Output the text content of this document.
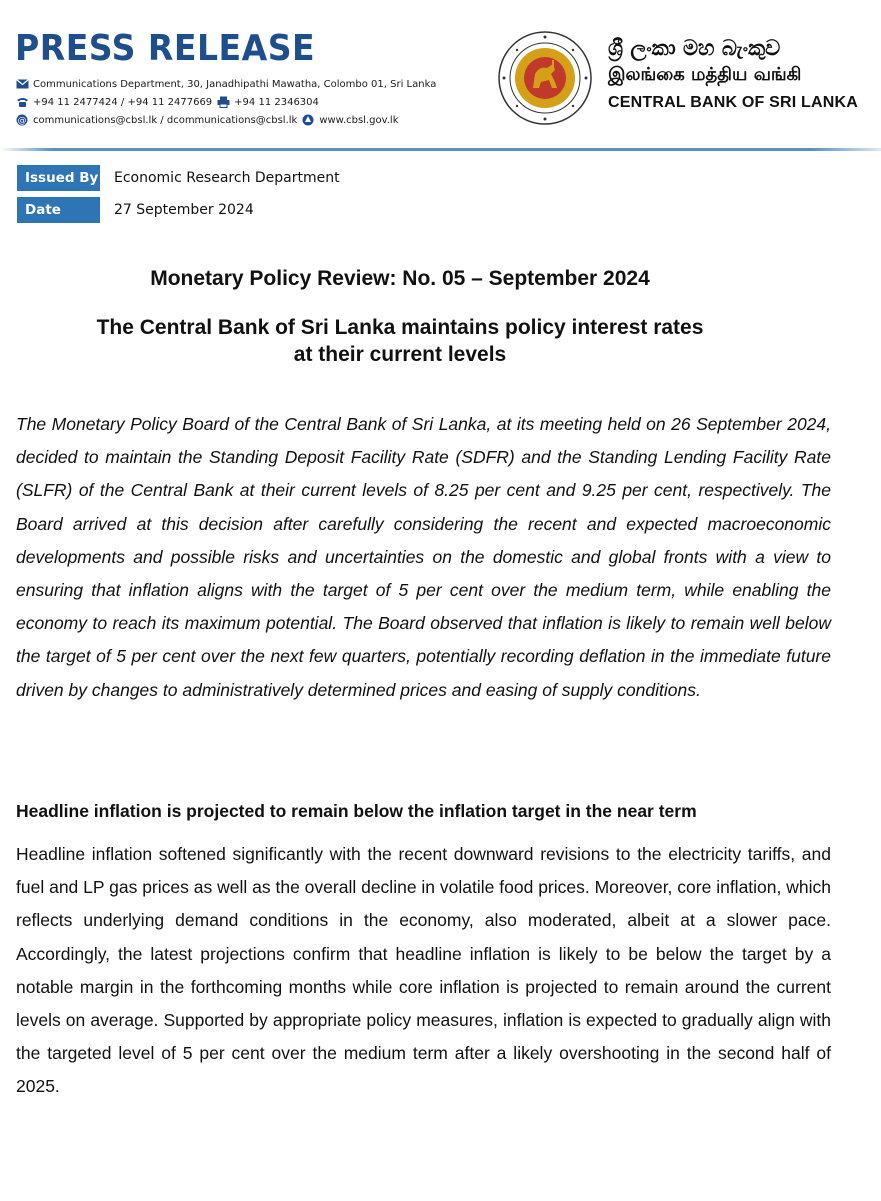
PRESS RELEASE
Communications Department, 30, Janadhipathi Mawatha, Colombo 01, Sri Lanka
+94 11 2477424 / +94 11 2477669 +94 11 2346304
@ communications@cbsl.lk / dcommunications@cbsl.lk www.cbsl.gov.lk
ශ්‍රී ලංකා මහ බැංකුව
இலங்கை மத்திய வங்கி
CENTRAL BANK OF SRI LANKA
Issued By Economic Research Department
Date	27 September 2024
Monetary Policy Review: No. 05 – September 2024
The Central Bank of Sri Lanka maintains policy interest rates
at their current levels
The Monetary Policy Board of the Central Bank of Sri Lanka, at its meeting held on 26 September 2024, decided to maintain the Standing Deposit Facility Rate (SDFR) and the Standing Lending Facility Rate (SLFR) of the Central Bank at their current levels of 8.25 per cent and 9.25 per cent, respectively. The Board arrived at this decision after carefully considering the recent and expected macroeconomic developments and possible risks and uncertainties on the domestic and global fronts with a view to ensuring that inflation aligns with the target of 5 per cent over the medium term, while enabling the economy to reach its maximum potential. The Board observed that inflation is likely to remain well below the target of 5 per cent over the next few quarters, potentially recording deflation in the immediate future driven by changes to administratively determined prices and easing of supply conditions.
Headline inflation is projected to remain below the inflation target in the near term
Headline inflation softened significantly with the recent downward revisions to the electricity tariffs, and fuel and LP gas prices as well as the overall decline in volatile food prices. Moreover, core inflation, which reflects underlying demand conditions in the economy, also moderated, albeit at a slower pace. Accordingly, the latest projections confirm that headline inflation is likely to be below the target by a notable margin in the forthcoming months while core inflation is projected to remain around the current levels on average. Supported by appropriate policy measures, inflation is expected to gradually align with the targeted level of 5 per cent over the medium term after a likely overshooting in the second half of 2025.
